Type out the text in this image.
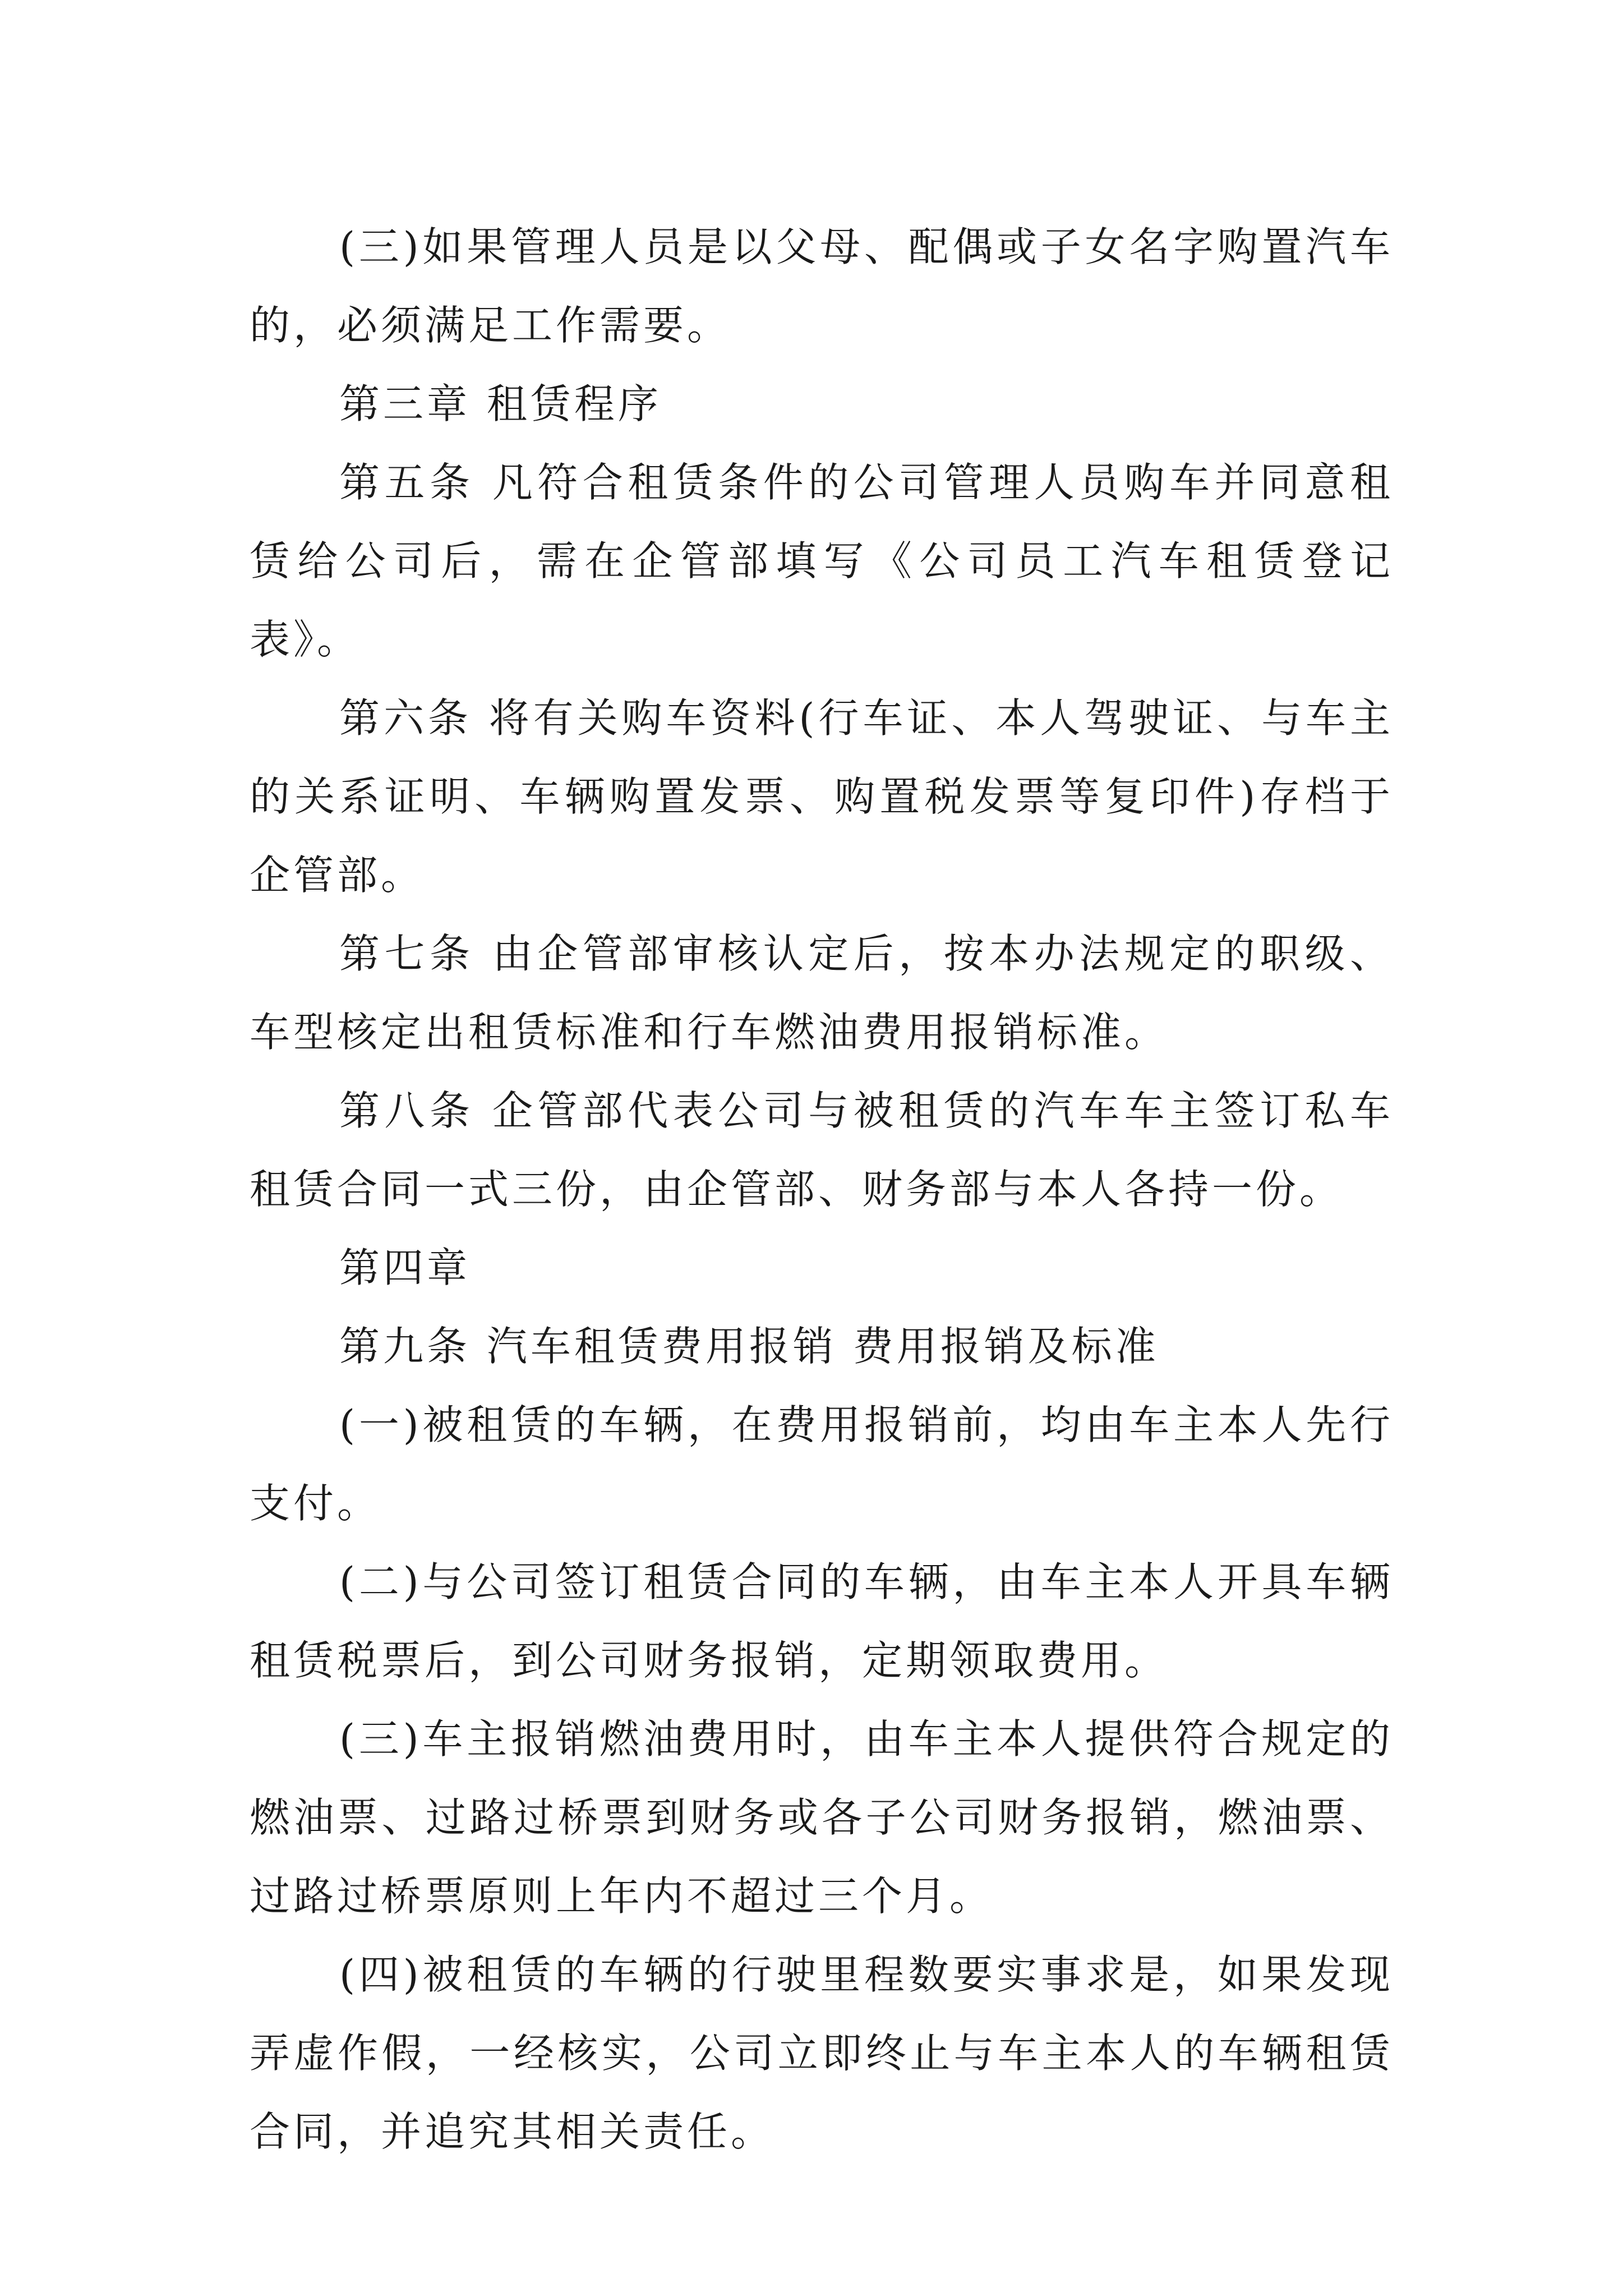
(三)如果管理人员是以父母、配偶或子女名字购置汽车的，必须满足工作需要。

第三章 租赁程序

第五条 凡符合租赁条件的公司管理人员购车并同意租赁给公司后，需在企管部填写《公司员工汽车租赁登记表》。

第六条 将有关购车资料(行车证、本人驾驶证、与车主的关系证明、车辆购置发票、购置税发票等复印件)存档于企管部。

第七条 由企管部审核认定后，按本办法规定的职级、车型核定出租赁标准和行车燃油费用报销标准。

第八条 企管部代表公司与被租赁的汽车车主签订私车租赁合同一式三份，由企管部、财务部与本人各持一份。

第四章

第九条 汽车租赁费用报销 费用报销及标准

(一)被租赁的车辆，在费用报销前，均由车主本人先行支付。

(二)与公司签订租赁合同的车辆，由车主本人开具车辆租赁税票后，到公司财务报销，定期领取费用。

(三)车主报销燃油费用时，由车主本人提供符合规定的燃油票、过路过桥票到财务或各子公司财务报销，燃油票、过路过桥票原则上年内不超过三个月。

(四)被租赁的车辆的行驶里程数要实事求是，如果发现弄虚作假，一经核实，公司立即终止与车主本人的车辆租赁合同，并追究其相关责任。
